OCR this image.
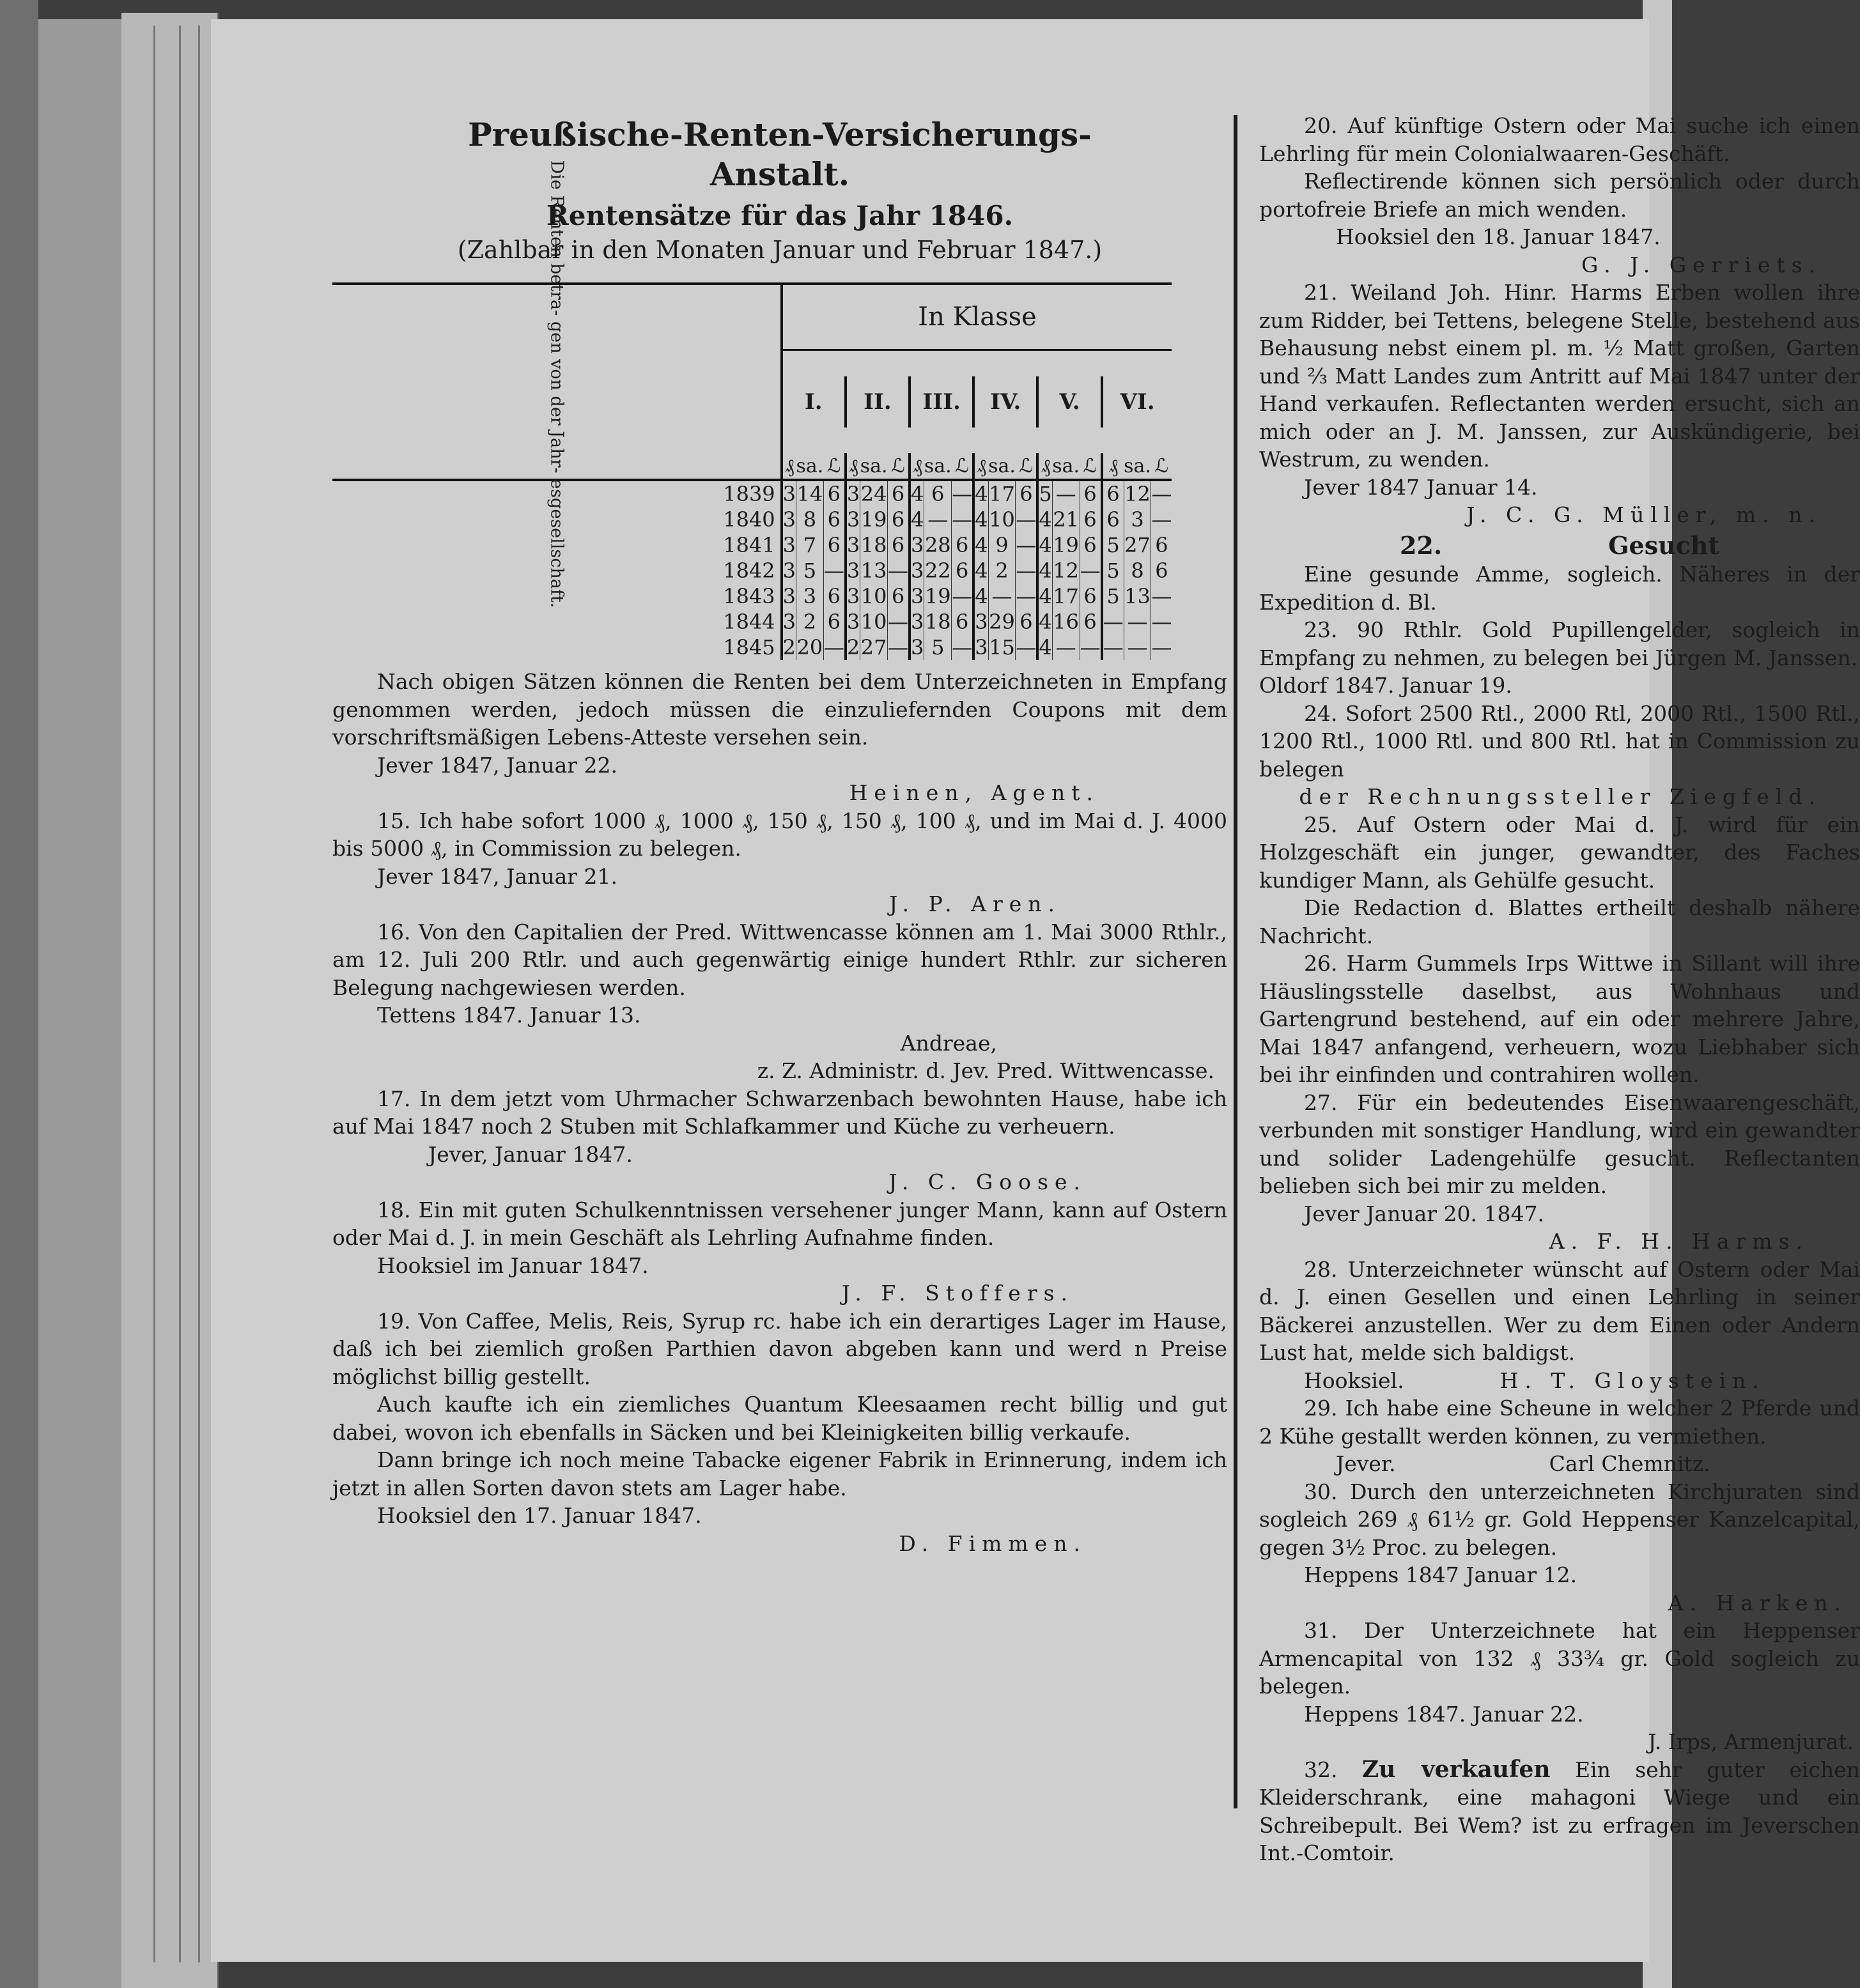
Preußische-Renten-Versicherungs-
Anstalt.
Rentensätze für das Jahr 1846.
(Zahlbar in den Monaten Januar und Februar 1847.)
Die Renten betra- gen von der Jahr- esgesellschaft.	In Klasse																	

	I.			II.			III.			IV.			V.			VI.		

	₰	sa.	ℒ	₰	sa.	ℒ	₰	sa.	ℒ	₰	sa.	ℒ	₰	sa.	ℒ	₰	sa.	ℒ
1839	3	14	6	3	24	6	4	6	—	4	17	6	5	—	6	6	12	—
1840	3	8	6	3	19	6	4	—	—	4	10	—	4	21	6	6	3	—
1841	3	7	6	3	18	6	3	28	6	4	9	—	4	19	6	5	27	6
1842	3	5	—	3	13	—	3	22	6	4	2	—	4	12	—	5	8	6
1843	3	3	6	3	10	6	3	19	—	4	—	—	4	17	6	5	13	—
1844	3	2	6	3	10	—	3	18	6	3	29	6	4	16	6	—	—	—
1845	2	20	—	2	27	—	3	5	—	3	15	—	4	—	—	—	—	—

Nach obigen Sätzen können die Renten bei dem Unterzeichneten in Empfang genommen werden, jedoch müssen die einzuliefernden Coupons mit dem vorschriftsmäßigen Lebens-Atteste versehen sein.

Jever 1847, Januar 22.

Heinen, Agent.

15. Ich habe sofort 1000 ₰, 1000 ₰, 150 ₰, 150 ₰, 100 ₰, und im Mai d. J. 4000 bis 5000 ₰, in Commission zu belegen.

Jever 1847, Januar 21.

J. P. Aren.

16. Von den Capitalien der Pred. Wittwencasse können am 1. Mai 3000 Rthlr., am 12. Juli 200 Rtlr. und auch gegenwärtig einige hundert Rthlr. zur sicheren Belegung nachgewiesen werden.

Tettens 1847. Januar 13.

Andreae,

z. Z. Administr. d. Jev. Pred. Wittwencasse.

17. In dem jetzt vom Uhrmacher Schwarzenbach bewohnten Hause, habe ich auf Mai 1847 noch 2 Stuben mit Schlafkammer und Küche zu verheuern.

Jever, Januar 1847.

J. C. Goose.

18. Ein mit guten Schulkenntnissen versehener junger Mann, kann auf Ostern oder Mai d. J. in mein Geschäft als Lehrling Aufnahme finden.

Hooksiel im Januar 1847.

J. F. Stoffers.

19. Von Caffee, Melis, Reis, Syrup rc. habe ich ein derartiges Lager im Hause, daß ich bei ziemlich großen Parthien davon abgeben kann und werd n Preise möglichst billig gestellt.

Auch kaufte ich ein ziemliches Quantum Kleesaamen recht billig und gut dabei, wovon ich ebenfalls in Säcken und bei Kleinigkeiten billig verkaufe.

Dann bringe ich noch meine Tabacke eigener Fabrik in Erinnerung, indem ich jetzt in allen Sorten davon stets am Lager habe.

Hooksiel den 17. Januar 1847.

D. Fimmen.

20. Auf künftige Ostern oder Mai suche ich einen Lehrling für mein Colonialwaaren-Geschäft.

Reflectirende können sich persönlich oder durch portofreie Briefe an mich wenden.

Hooksiel den 18. Januar 1847.

G. J. Gerriets.

21. Weiland Joh. Hinr. Harms Erben wollen ihre zum Ridder, bei Tettens, belegene Stelle, bestehend aus Behausung nebst einem pl. m. ½ Matt großen, Garten und ⅔ Matt Landes zum Antritt auf Mai 1847 unter der Hand verkaufen. Reflectanten werden ersucht, sich an mich oder an J. M. Janssen, zur Auskündigerie, bei Westrum, zu wenden.

Jever 1847 Januar 14.

J. C. G. Müller, m. n.

22.	Gesucht

Eine gesunde Amme, sogleich. Näheres in der Expedition d. Bl.

23. 90 Rthlr. Gold Pupillengelder, sogleich in Empfang zu nehmen, zu belegen bei Jürgen M. Janssen.

Oldorf 1847. Januar 19.

24. Sofort 2500 Rtl., 2000 Rtl, 2000 Rtl., 1500 Rtl., 1200 Rtl., 1000 Rtl. und 800 Rtl. hat in Commission zu belegen

der Rechnungssteller Ziegfeld.

25. Auf Ostern oder Mai d. J. wird für ein Holzgeschäft ein junger, gewandter, des Faches kundiger Mann, als Gehülfe gesucht.

Die Redaction d. Blattes ertheilt deshalb nähere Nachricht.

26. Harm Gummels Irps Wittwe in Sillant will ihre Häuslingsstelle daselbst, aus Wohnhaus und Gartengrund bestehend, auf ein oder mehrere Jahre, Mai 1847 anfangend, verheuern, wozu Liebhaber sich bei ihr einfinden und contrahiren wollen.

27. Für ein bedeutendes Eisenwaarengeschäft, verbunden mit sonstiger Handlung, wird ein gewandter und solider Ladengehülfe gesucht. Reflectanten belieben sich bei mir zu melden.

Jever Januar 20. 1847.

A. F. H. Harms.

28. Unterzeichneter wünscht auf Ostern oder Mai d. J. einen Gesellen und einen Lehrling in seiner Bäckerei anzustellen. Wer zu dem Einen oder Andern Lust hat, melde sich baldigst.

Hooksiel.	H. T. Gloystein.

29. Ich habe eine Scheune in welcher 2 Pferde und 2 Kühe gestallt werden können, zu vermiethen.

Jever.	Carl Chemnitz.

30. Durch den unterzeichneten Kirchjuraten sind sogleich 269 ₰ 61½ gr. Gold Heppenser Kanzelcapital, gegen 3½ Proc. zu belegen.

Heppens 1847 Januar 12.

A. Harken.

31. Der Unterzeichnete hat ein Heppenser Armencapital von 132 ₰ 33¾ gr. Gold sogleich zu belegen.

Heppens 1847. Januar 22.

J. Irps, Armenjurat.

32. Zu verkaufen Ein sehr guter eichen Kleiderschrank, eine mahagoni Wiege und ein Schreibepult. Bei Wem? ist zu erfragen im Jeverschen Int.-Comtoir.
